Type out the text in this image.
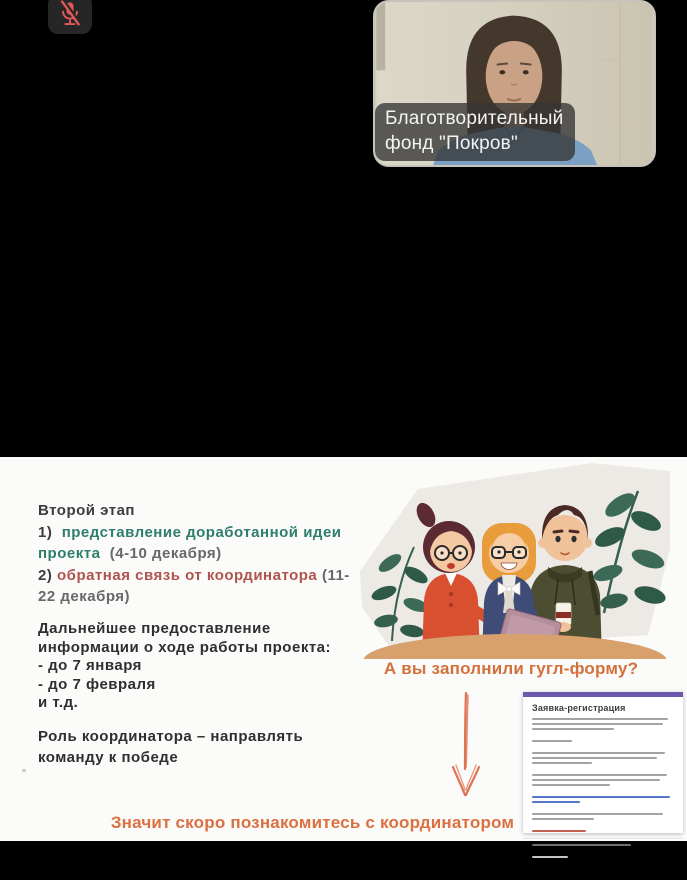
Благотворительный
фонд "Покров"
Второй этап
1) представление доработанной идеи
проекта (4-10 декабря)
2) обратная связь от координатора (11-
22 декабря)
Дальнейшее предоставление
информации о ходе работы проекта:
- до 7 января
- до 7 февраля
и т.д.
Роль координатора – направлять
команду к победе
А вы заполнили гугл-форму?
Заявка-регистрация
Значит скоро познакомитесь с координатором
